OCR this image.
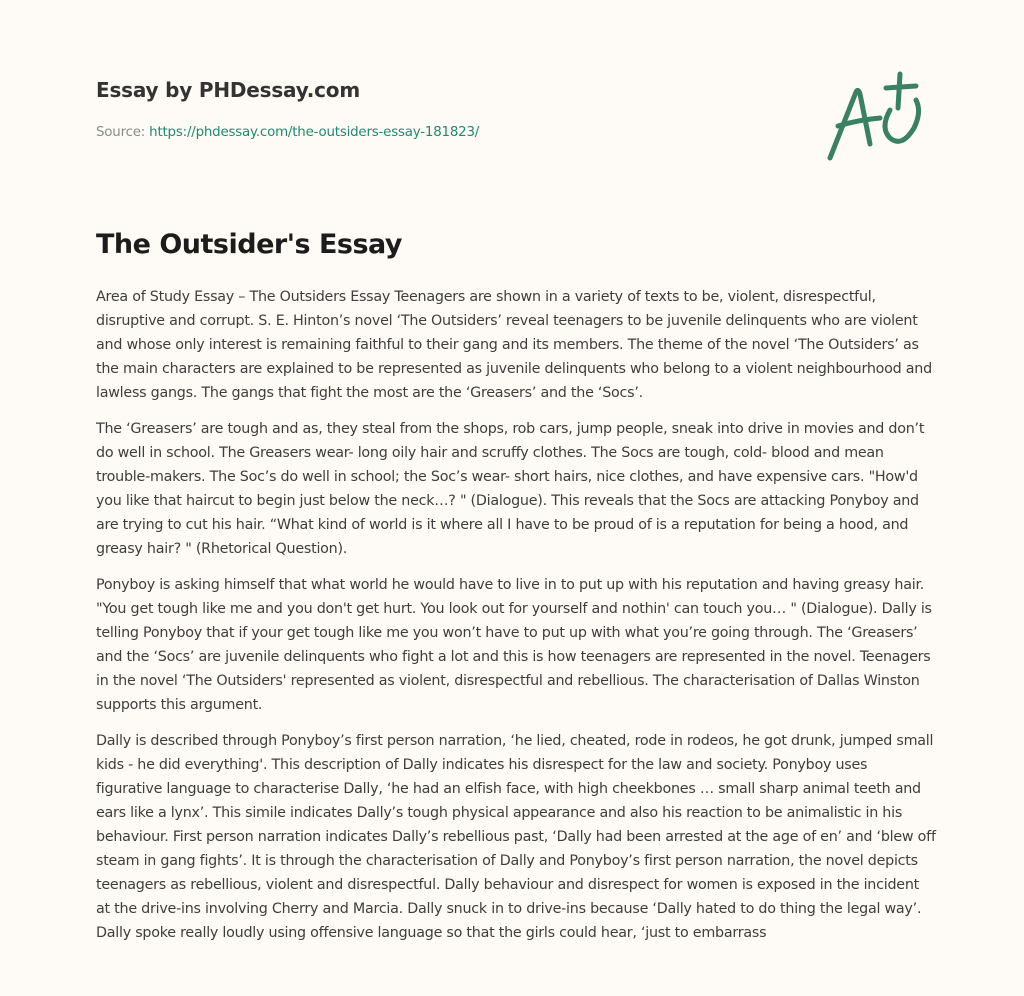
Essay by PHDessay.com
Source: https://phdessay.com/the-outsiders-essay-181823/
The Outsider's Essay

Area of Study Essay – The Outsiders Essay Teenagers are shown in a variety of texts to be, violent, disrespectful, disruptive and corrupt. S. E. Hinton’s novel ‘The Outsiders’ reveal teenagers to be juvenile delinquents who are violent and whose only interest is remaining faithful to their gang and its members. The theme of the novel ‘The Outsiders’ as the main characters are explained to be represented as juvenile delinquents who belong to a violent neighbourhood and lawless gangs. The gangs that fight the most are the ‘Greasers’ and the ‘Socs’.

The ‘Greasers’ are tough and as, they steal from the shops, rob cars, jump people, sneak into drive in movies and don’t do well in school. The Greasers wear- long oily hair and scruffy clothes. The Socs are tough, cold- blood and mean trouble-makers. The Soc’s do well in school; the Soc’s wear- short hairs, nice clothes, and have expensive cars. "How'd you like that haircut to begin just below the neck…? " (Dialogue). This reveals that the Socs are attacking Ponyboy and are trying to cut his hair. “What kind of world is it where all I have to be proud of is a reputation for being a hood, and greasy hair? " (Rhetorical Question).

Ponyboy is asking himself that what world he would have to live in to put up with his reputation and having greasy hair. "You get tough like me and you don't get hurt. You look out for yourself and nothin' can touch you… " (Dialogue). Dally is telling Ponyboy that if your get tough like me you won’t have to put up with what you’re going through. The ‘Greasers’ and the ‘Socs’ are juvenile delinquents who fight a lot and this is how teenagers are represented in the novel. Teenagers in the novel ‘The Outsiders' represented as violent, disrespectful and rebellious. The characterisation of Dallas Winston supports this argument.

Dally is described through Ponyboy’s first person narration, ‘he lied, cheated, rode in rodeos, he got drunk, jumped small kids - he did everything'. This description of Dally indicates his disrespect for the law and society. Ponyboy uses figurative language to characterise Dally, ‘he had an elfish face, with high cheekbones … small sharp animal teeth and ears like a lynx’. This simile indicates Dally’s tough physical appearance and also his reaction to be animalistic in his behaviour. First person narration indicates Dally’s rebellious past, ‘Dally had been arrested at the age of en’ and ‘blew off steam in gang fights’. It is through the characterisation of Dally and Ponyboy’s first person narration, the novel depicts teenagers as rebellious, violent and disrespectful. Dally behaviour and disrespect for women is exposed in the incident at the drive-ins involving Cherry and Marcia. Dally snuck in to drive-ins because ‘Dally hated to do thing the legal way’. Dally spoke really loudly using offensive language so that the girls could hear, ‘just to embarrass
